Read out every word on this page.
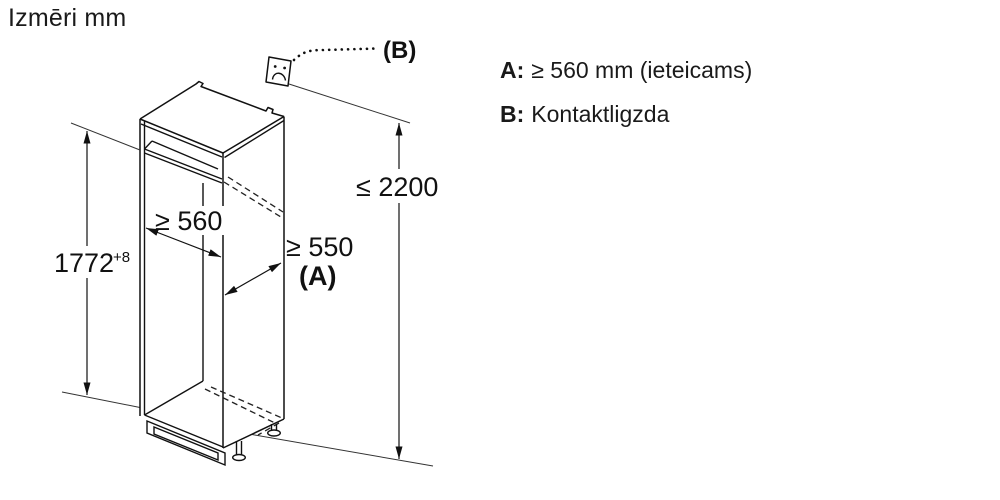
Izmēri mm
A: ≥ 560 mm (ieteicams)
B: Kontaktligzda
1772
+8
≥ 560
≥ 550
(A)
≤ 2200
(B)
